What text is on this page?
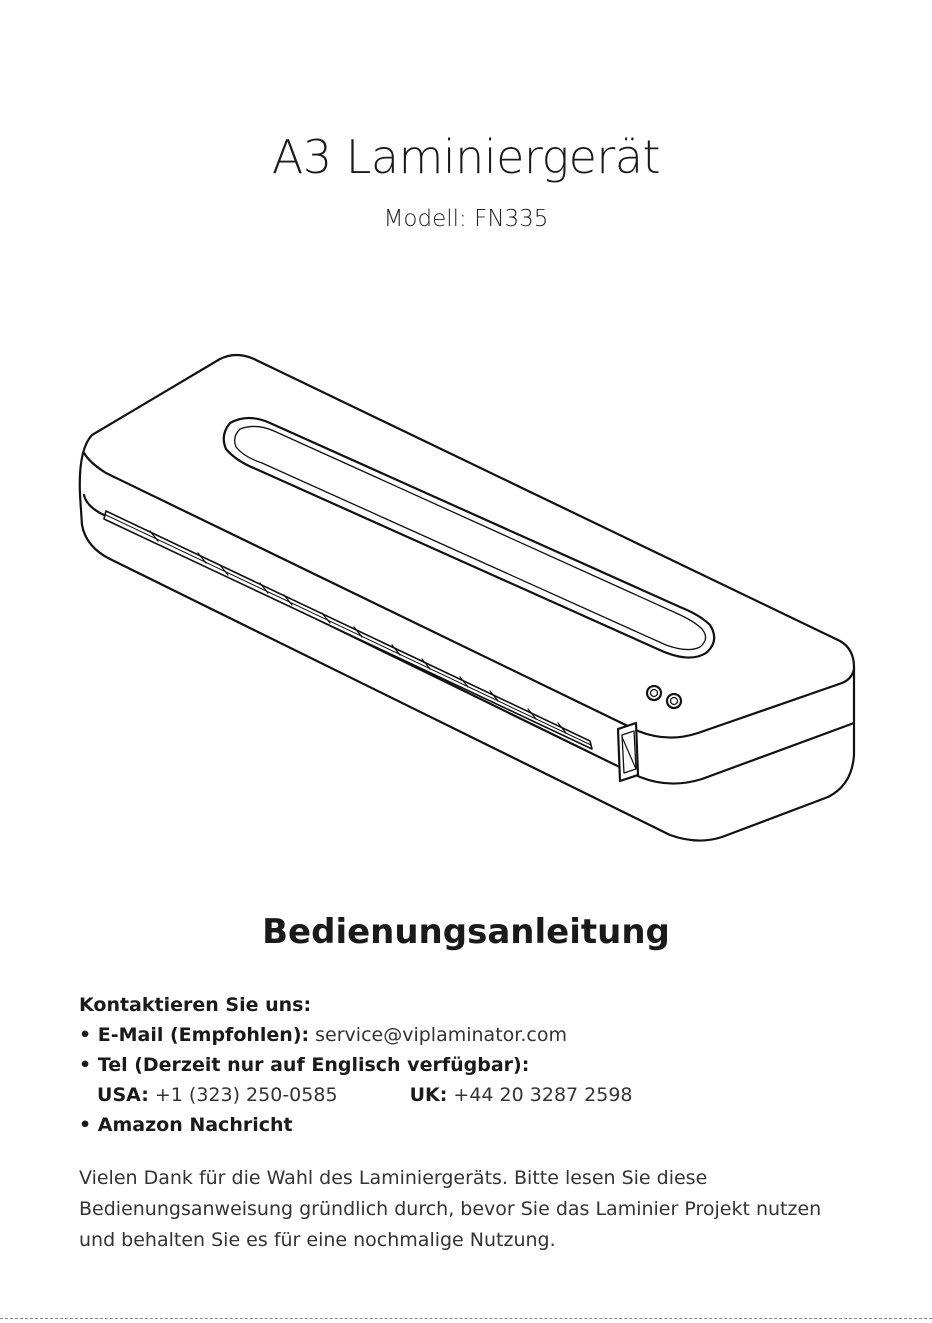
A3 Laminiergerät
Modell: FN335
Bedienungsanleitung
Kontaktieren Sie uns:
• E-Mail (Empfohlen): service@viplaminator.com
• Tel (Derzeit nur auf Englisch verfügbar):
USA: +1 (323) 250-0585	UK: +44 20 3287 2598
• Amazon Nachricht
Vielen Dank für die Wahl des Laminiergeräts. Bitte lesen Sie diese
Bedienungsanweisung gründlich durch, bevor Sie das Laminier Projekt nutzen
und behalten Sie es für eine nochmalige Nutzung.
